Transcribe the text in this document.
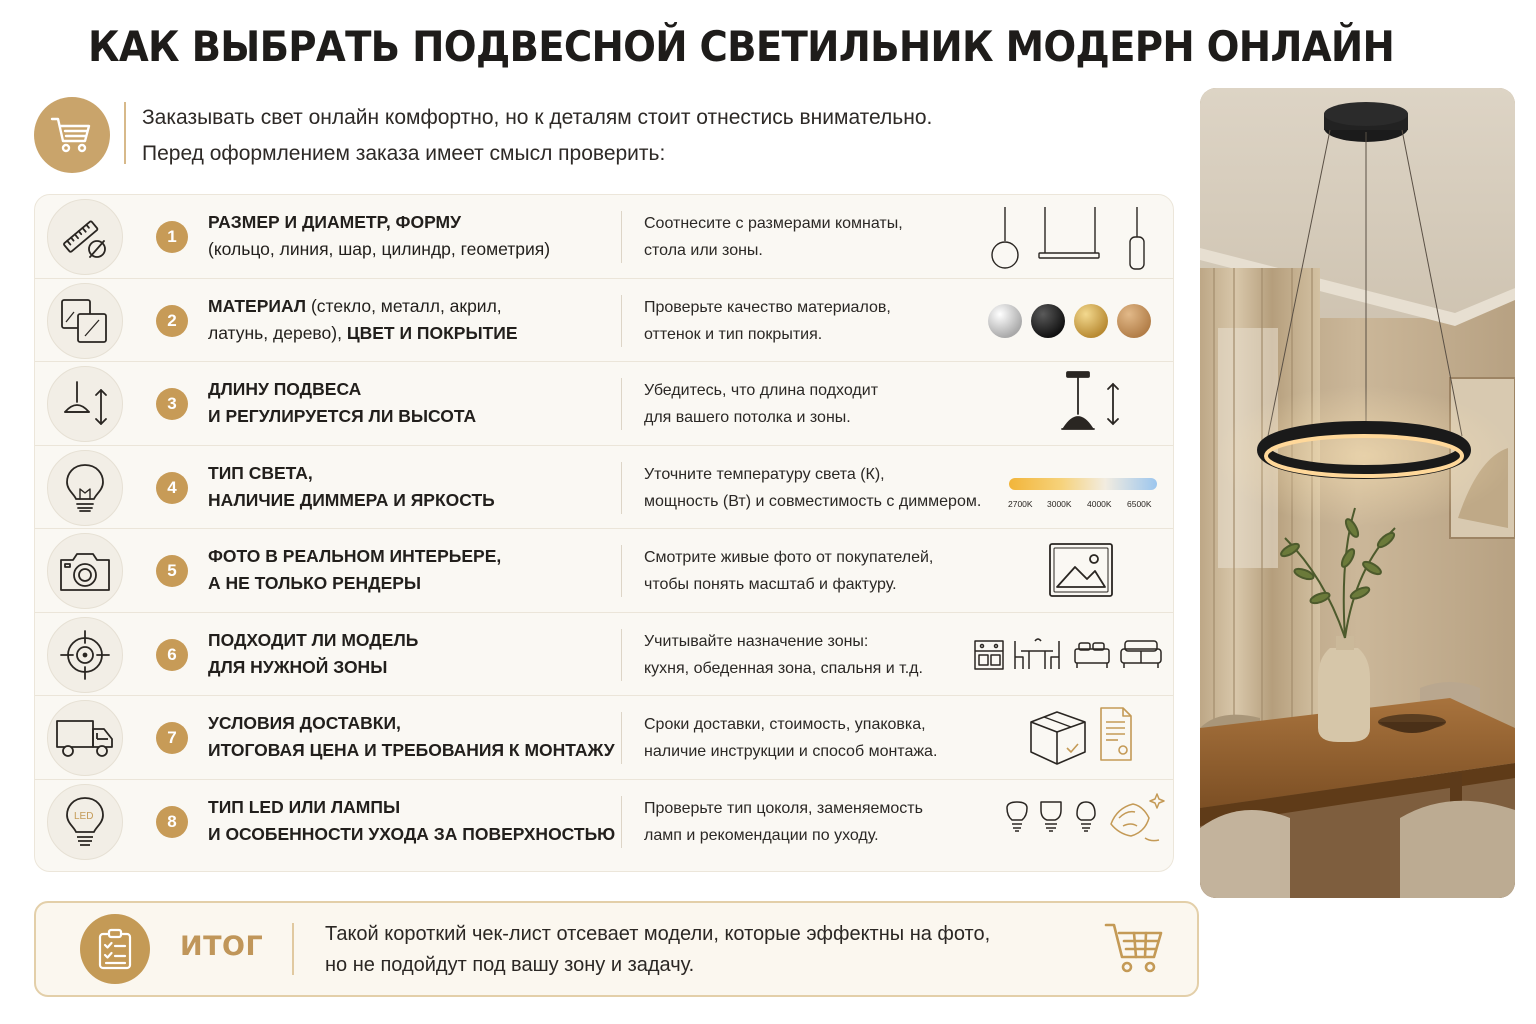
КАК ВЫБРАТЬ ПОДВЕСНОЙ СВЕТИЛЬНИК МОДЕРН ОНЛАЙН
Заказывать свет онлайн комфортно, но к деталям стоит отнестись внимательно.
Перед оформлением заказа имеет смысл проверить:
1
РАЗМЕР И ДИАМЕТР, ФОРМУ
(кольцо, линия, шар, цилиндр, геометрия)
Соотнесите с размерами комнаты,
стола или зоны.
2
МАТЕРИАЛ (стекло, металл, акрил,
латунь, дерево), ЦВЕТ И ПОКРЫТИЕ
Проверьте качество материалов,
оттенок и тип покрытия.
3
ДЛИНУ ПОДВЕСА
И РЕГУЛИРУЕТСЯ ЛИ ВЫСОТА
Убедитесь, что длина подходит
для вашего потолка и зоны.
4
ТИП СВЕТА,
НАЛИЧИЕ ДИММЕРА И ЯРКОСТЬ
Уточните температуру света (К),
мощность (Вт) и совместимость с диммером.	2700K 3000K 4000K 6500K
5
ФОТО В РЕАЛЬНОМ ИНТЕРЬЕРЕ,
А НЕ ТОЛЬКО РЕНДЕРЫ
Смотрите живые фото от покупателей,
чтобы понять масштаб и фактуру.
6
ПОДХОДИТ ЛИ МОДЕЛЬ
ДЛЯ НУЖНОЙ ЗОНЫ
Учитывайте назначение зоны:
кухня, обеденная зона, спальня и т.д.
7
УСЛОВИЯ ДОСТАВКИ,
ИТОГОВАЯ ЦЕНА И ТРЕБОВАНИЯ К МОНТАЖУ
Сроки доставки, стоимость, упаковка,
наличие инструкции и способ монтажа.
LED	8
ТИП LED ИЛИ ЛАМПЫ
И ОСОБЕННОСТИ УХОДА ЗА ПОВЕРХНОСТЬЮ
Проверьте тип цоколя, заменяемость
ламп и рекомендации по уходу.
ИТОГ	Такой короткий чек-лист отсевает модели, которые эффектны на фото,
но не подойдут под вашу зону и задачу.
